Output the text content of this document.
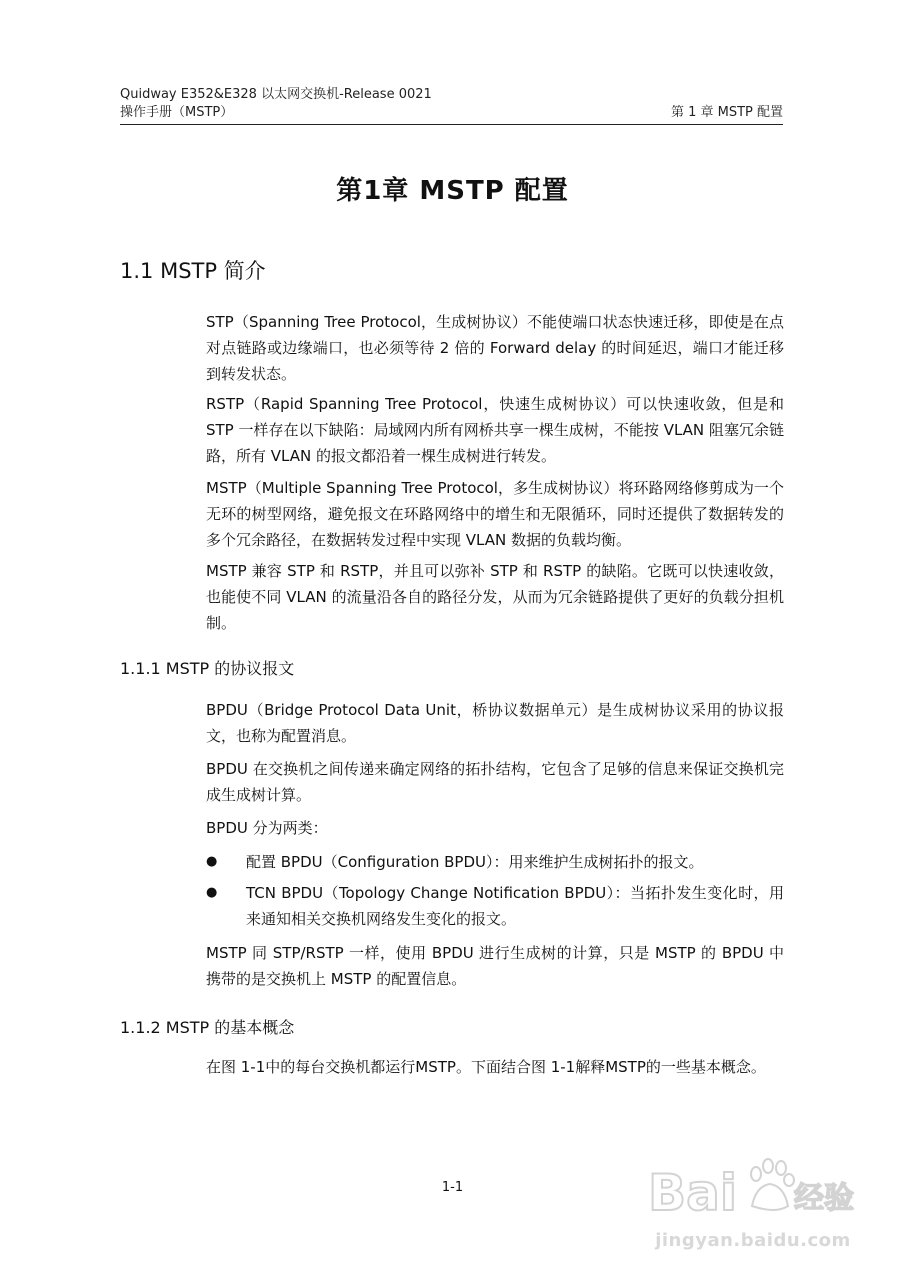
Quidway E352&E328 以太网交换机-Release 0021
操作手册（MSTP）	第 1 章 MSTP 配置
第1章 MSTP 配置
1.1 MSTP 简介
STP（Spanning Tree Protocol，生成树协议）不能使端口状态快速迁移，即使是在点对点链路或边缘端口，也必须等待 2 倍的 Forward delay 的时间延迟，端口才能迁移到转发状态。
RSTP（Rapid Spanning Tree Protocol，快速生成树协议）可以快速收敛，但是和 STP 一样存在以下缺陷：局域网内所有网桥共享一棵生成树，不能按 VLAN 阻塞冗余链路，所有 VLAN 的报文都沿着一棵生成树进行转发。
MSTP（Multiple Spanning Tree Protocol，多生成树协议）将环路网络修剪成为一个无环的树型网络，避免报文在环路网络中的增生和无限循环，同时还提供了数据转发的多个冗余路径，在数据转发过程中实现 VLAN 数据的负载均衡。
MSTP 兼容 STP 和 RSTP，并且可以弥补 STP 和 RSTP 的缺陷。它既可以快速收敛，也能使不同 VLAN 的流量沿各自的路径分发，从而为冗余链路提供了更好的负载分担机制。
1.1.1 MSTP 的协议报文
BPDU（Bridge Protocol Data Unit，桥协议数据单元）是生成树协议采用的协议报文，也称为配置消息。
BPDU 在交换机之间传递来确定网络的拓扑结构，它包含了足够的信息来保证交换机完成生成树计算。
BPDU 分为两类：
● 配置 BPDU（Configuration BPDU）：用来维护生成树拓扑的报文。
● TCN BPDU（Topology Change Notification BPDU）：当拓扑发生变化时，用来通知相关交换机网络发生变化的报文。
MSTP 同 STP/RSTP 一样，使用 BPDU 进行生成树的计算，只是 MSTP 的 BPDU 中携带的是交换机上 MSTP 的配置信息。
1.1.2 MSTP 的基本概念
在图 1-1中的每台交换机都运行MSTP。下面结合图 1-1解释MSTP的一些基本概念。
1-1	Bai 经验
jingyan.baidu.com
